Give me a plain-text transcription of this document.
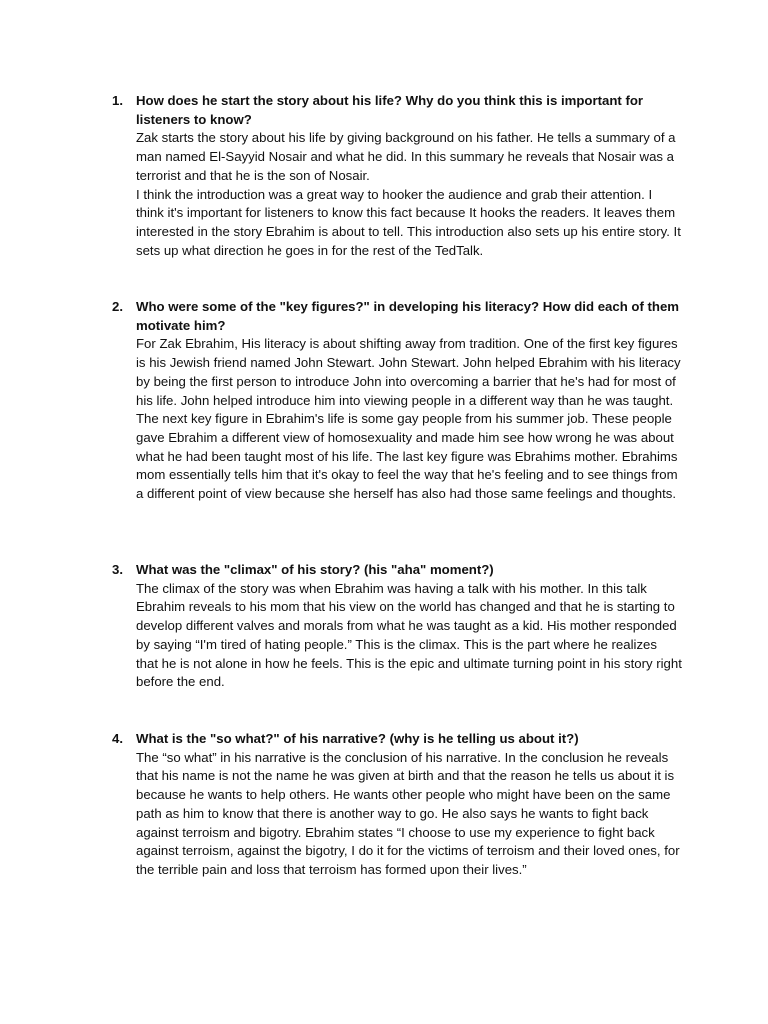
1. How does he start the story about his life? Why do you think this is important for listeners to know?

Zak starts the story about his life by giving background on his father. He tells a summary of a man named El-Sayyid Nosair and what he did. In this summary he reveals that Nosair was a terrorist and that he is the son of Nosair.

I think the introduction was a great way to hooker the audience and grab their attention. I think it's important for listeners to know this fact because It hooks the readers. It leaves them interested in the story Ebrahim is about to tell. This introduction also sets up his entire story. It sets up what direction he goes in for the rest of the TedTalk.

2. Who were some of the "key figures?" in developing his literacy? How did each of them motivate him?

For Zak Ebrahim, His literacy is about shifting away from tradition. One of the first key figures is his Jewish friend named John Stewart. John Stewart. John helped Ebrahim with his literacy by being the first person to introduce John into overcoming a barrier that he's had for most of his life. John helped introduce him into viewing people in a different way than he was taught. The next key figure in Ebrahim's life is some gay people from his summer job. These people gave Ebrahim a different view of homosexuality and made him see how wrong he was about what he had been taught most of his life. The last key figure was Ebrahims mother. Ebrahims mom essentially tells him that it's okay to feel the way that he's feeling and to see things from a different point of view because she herself has also had those same feelings and thoughts.

3. What was the "climax" of his story? (his "aha" moment?)

The climax of the story was when Ebrahim was having a talk with his mother. In this talk Ebrahim reveals to his mom that his view on the world has changed and that he is starting to develop different valves and morals from what he was taught as a kid. His mother responded by saying “I'm tired of hating people.” This is the climax. This is the part where he realizes that he is not alone in how he feels. This is the epic and ultimate turning point in his story right before the end.

4. What is the "so what?" of his narrative? (why is he telling us about it?)

The “so what” in his narrative is the conclusion of his narrative. In the conclusion he reveals that his name is not the name he was given at birth and that the reason he tells us about it is because he wants to help others. He wants other people who might have been on the same path as him to know that there is another way to go. He also says he wants to fight back against terroism and bigotry. Ebrahim states “I choose to use my experience to fight back against terroism, against the bigotry, I do it for the victims of terroism and their loved ones, for the terrible pain and loss that terroism has formed upon their lives.”
